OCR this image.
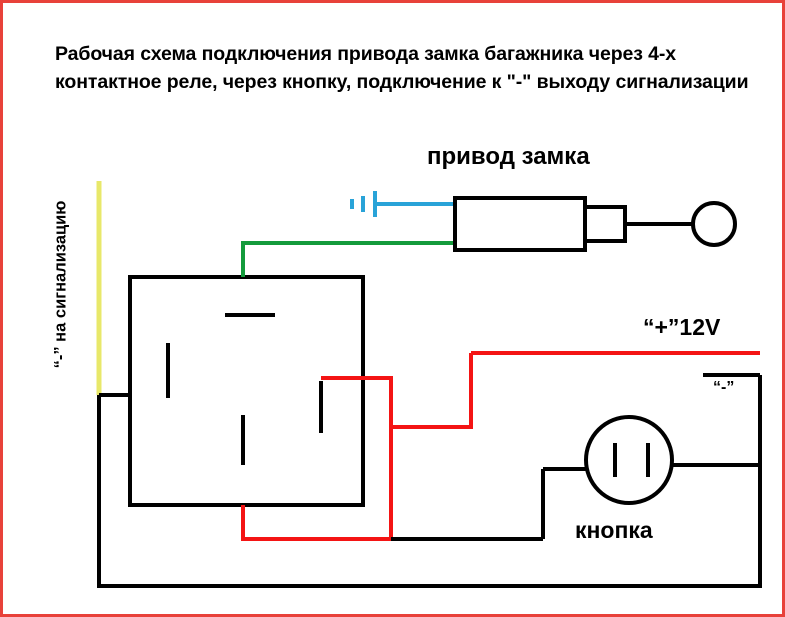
Рабочая схема подключения привода замка багажника через 4-х контактное реле, через кнопку, подключение к "-" выходу сигнализации
привод замка
“+”12V
кнопка
“-”
“-” на сигнализацию
